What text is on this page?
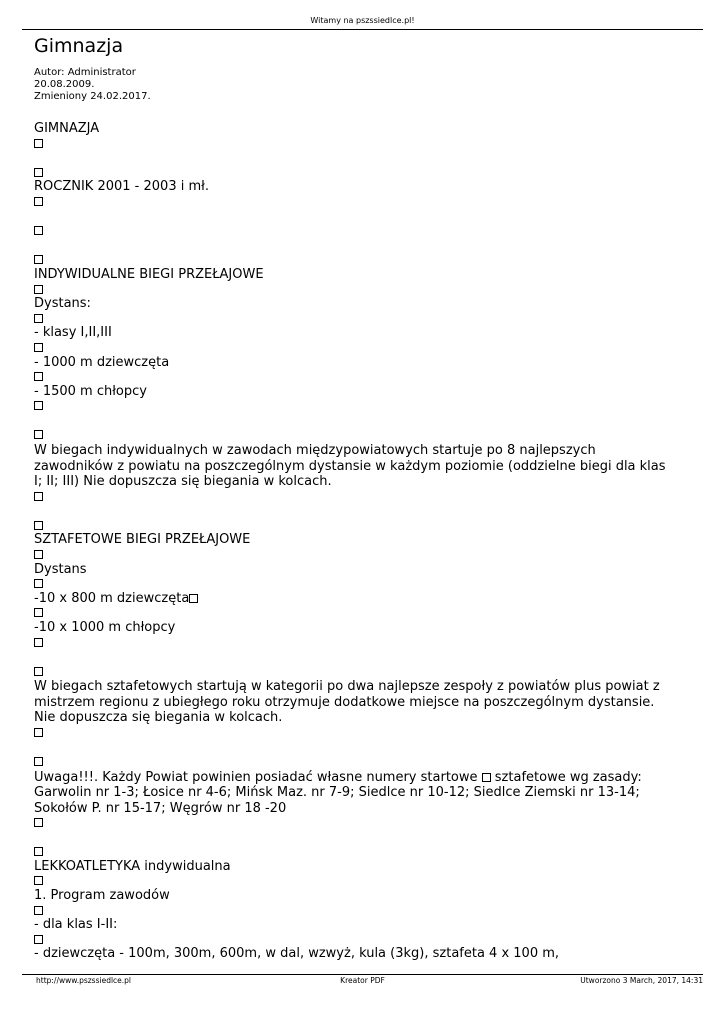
Witamy na pszssiedlce.pl!
Gimnazja
Autor: Administrator
20.08.2009.
Zmieniony 24.02.2017.
GIMNAZJA
ROCZNIK 2001 - 2003 i mł.
INDYWIDUALNE BIEGI PRZEŁAJOWE
Dystans:
- klasy I,II,III
- 1000 m dziewczęta
- 1500 m chłopcy
W biegach indywidualnych w zawodach międzypowiatowych startuje po 8 najlepszych zawodników z powiatu na poszczególnym dystansie w każdym poziomie (oddzielne biegi dla klas I; II; III) Nie dopuszcza się biegania w kolcach.
SZTAFETOWE BIEGI PRZEŁAJOWE
Dystans
-10 x 800 m dziewczęta
-10 x 1000 m chłopcy
W biegach sztafetowych startują w kategorii po dwa najlepsze zespoły z powiatów plus powiat z mistrzem regionu z ubiegłego roku otrzymuje dodatkowe miejsce na poszczególnym dystansie. Nie dopuszcza się biegania w kolcach.
Uwaga!!!. Każdy Powiat powinien posiadać własne numery startowe sztafetowe wg zasady: Garwolin nr 1-3; Łosice nr 4-6; Mińsk Maz. nr 7-9; Siedlce nr 10-12; Siedlce Ziemski nr 13-14; Sokołów P. nr 15-17; Węgrów nr 18 -20
LEKKOATLETYKA indywidualna
1. Program zawodów
- dla klas I-II:
- dziewczęta - 100m, 300m, 600m, w dal, wzwyż, kula (3kg), sztafeta 4 x 100 m,
http://www.pszssiedlce.pl	Kreator PDF	Utworzono 3 March, 2017, 14:31
